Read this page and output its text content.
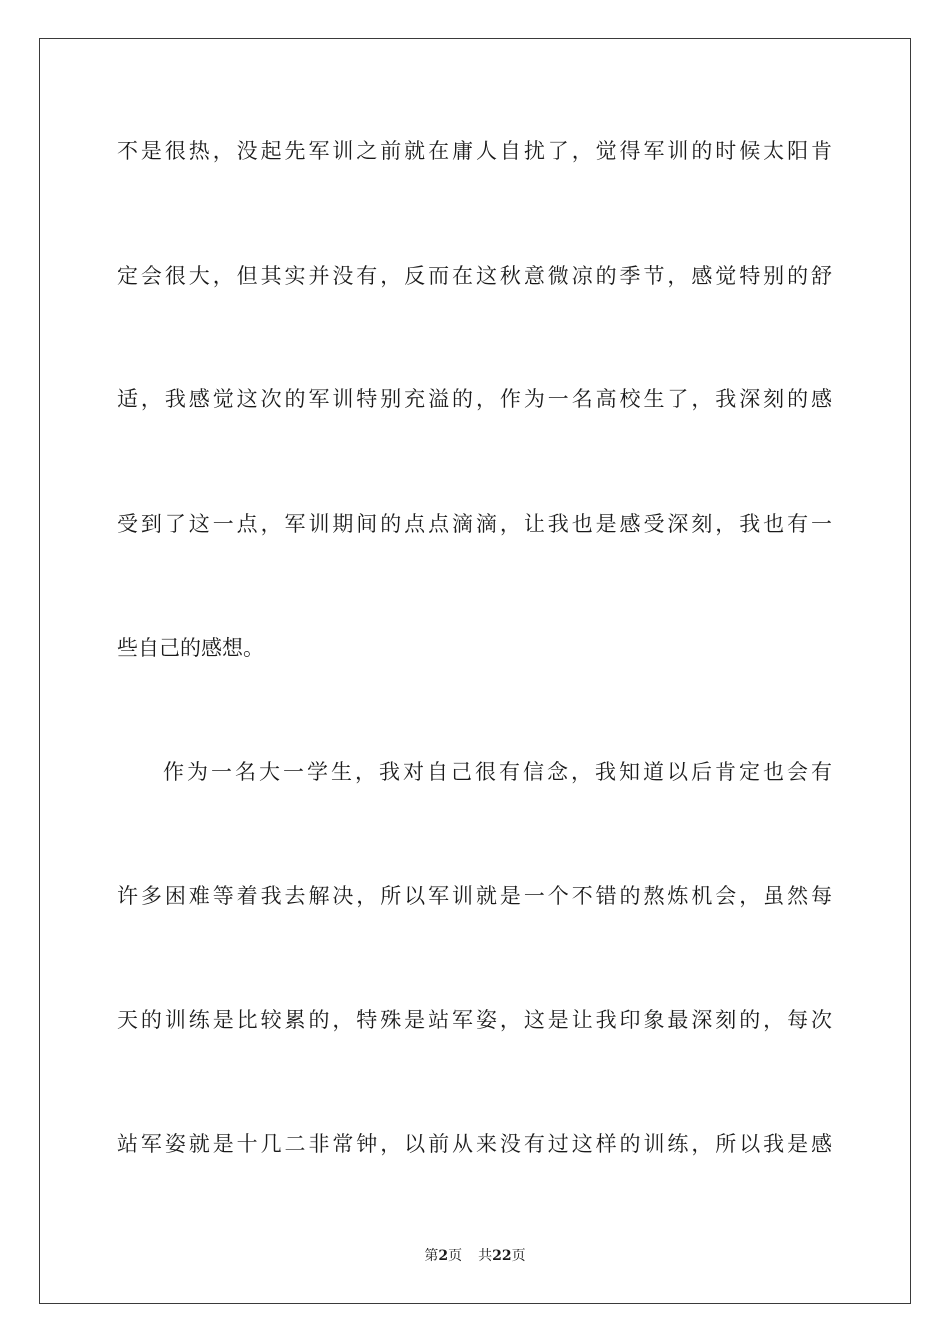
不是很热，没起先军训之前就在庸人自扰了，觉得军训的时候太阳肯
定会很大，但其实并没有，反而在这秋意微凉的季节，感觉特别的舒
适，我感觉这次的军训特别充溢的，作为一名高校生了，我深刻的感
受到了这一点，军训期间的点点滴滴，让我也是感受深刻，我也有一
些自己的感想。
作为一名大一学生，我对自己很有信念，我知道以后肯定也会有
许多困难等着我去解决，所以军训就是一个不错的熬炼机会，虽然每
天的训练是比较累的，特殊是站军姿，这是让我印象最深刻的，每次
站军姿就是十几二非常钟，以前从来没有过这样的训练，所以我是感
第2页 共22页
